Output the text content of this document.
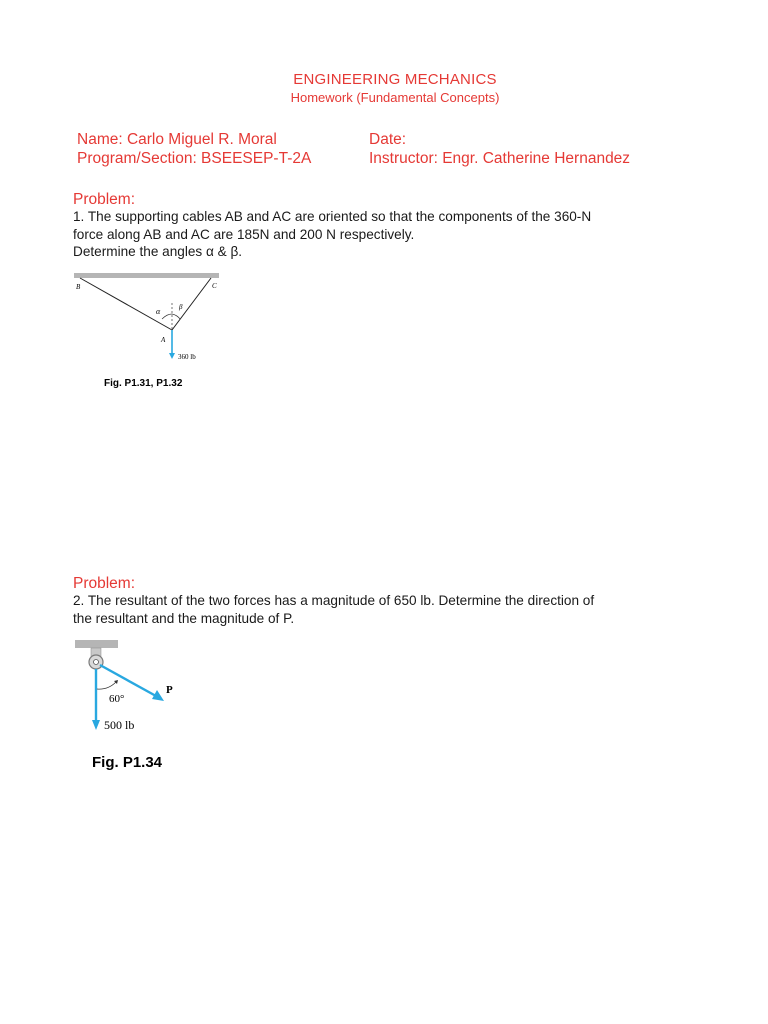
ENGINEERING MECHANICS
Homework (Fundamental Concepts)
Name: Carlo Miguel R. Moral
Program/Section: BSEESEP-T-2A
Date:
Instructor: Engr. Catherine Hernandez
Problem:
1. The supporting cables AB and AC are oriented so that the components of the 360-N
force along AB and AC are 185N and 200 N respectively.
Determine the angles α & β.
B	C
A
α	β
360 lb
Fig. P1.31, P1.32
Problem:
2. The resultant of the two forces has a magnitude of 650 lb. Determine the direction of
the resultant and the magnitude of P.
60°
P
500 lb
Fig. P1.34
